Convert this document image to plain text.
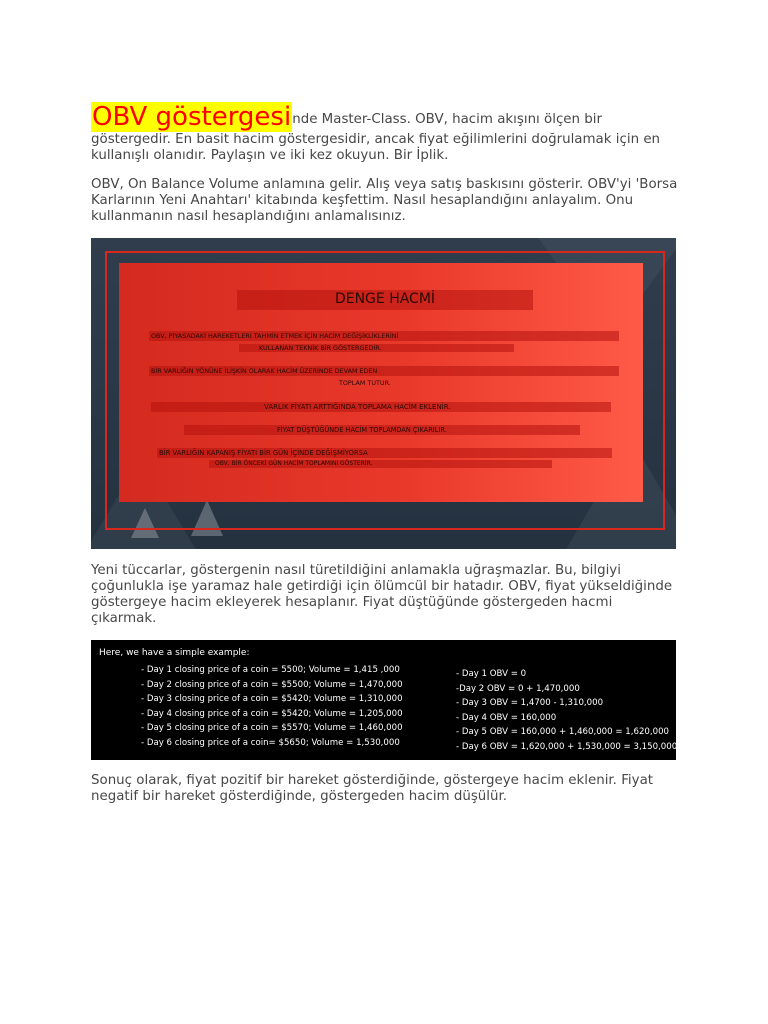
OBV göstergesinde Master-Class. OBV, hacim akışını ölçen bir göstergedir. En basit hacim göstergesidir, ancak fiyat eğilimlerini doğrulamak için en kullanışlı olanıdır. Paylaşın ve iki kez okuyun. Bir İplik.

OBV, On Balance Volume anlamına gelir. Alış veya satış baskısını gösterir. OBV'yi 'Borsa Karlarının Yeni Anahtarı' kitabında keşfettim. Nasıl hesaplandığını anlayalım. Onu kullanmanın nasıl hesaplandığını anlamalısınız.

DENGE HACMİ
OBV, PİYASADAKİ HAREKETLERİ TAHMİN ETMEK İÇİN HACİM DEĞİŞİKLİKLERİNİ
KULLANAN TEKNİK BİR GÖSTERGEDİR.
BİR VARLIĞIN YÖNÜNE İLİŞKİN OLARAK HACİM ÜZERİNDE DEVAM EDEN
TOPLAM TUTUR.
VARLIK FİYATI ARTTIĞINDA TOPLAMA HACİM EKLENİR.
FİYAT DÜŞTÜĞÜNDE HACİM TOPLAMDAN ÇIKARILIR.
BİR VARLIĞIN KAPANIŞ FİYATI BİR GÜN İÇİNDE DEĞİŞMİYORSA
OBV, BİR ÖNCEKİ GÜN HACİM TOPLAMINI GÖSTERİR.

Yeni tüccarlar, göstergenin nasıl türetildiğini anlamakla uğraşmazlar. Bu, bilgiyi çoğunlukla işe yaramaz hale getirdiği için ölümcül bir hatadır. OBV, fiyat yükseldiğinde göstergeye hacim ekleyerek hesaplanır. Fiyat düştüğünde göstergeden hacmi çıkarmak.

Here, we have a simple example:
- Day 1 closing price of a coin = 5500; Volume = 1,415 ,000
- Day 2 closing price of a coin = $5500; Volume = 1,470,000
- Day 3 closing price of a coin = $5420; Volume = 1,310,000
- Day 4 closing price of a coin = $5420; Volume = 1,205,000
- Day 5 closing price of a coin = $5570; Volume = 1,460,000
- Day 6 closing price of a coin= $5650; Volume = 1,530,000
- Day 1 OBV = 0
-Day 2 OBV = 0 + 1,470,000
- Day 3 OBV = 1,4700 - 1,310,000
- Day 4 OBV = 160,000
- Day 5 OBV = 160,000 + 1,460,000 = 1,620,000
- Day 6 OBV = 1,620,000 + 1,530,000 = 3,150,000

Sonuç olarak, fiyat pozitif bir hareket gösterdiğinde, göstergeye hacim eklenir. Fiyat negatif bir hareket gösterdiğinde, göstergeden hacim düşülür.
